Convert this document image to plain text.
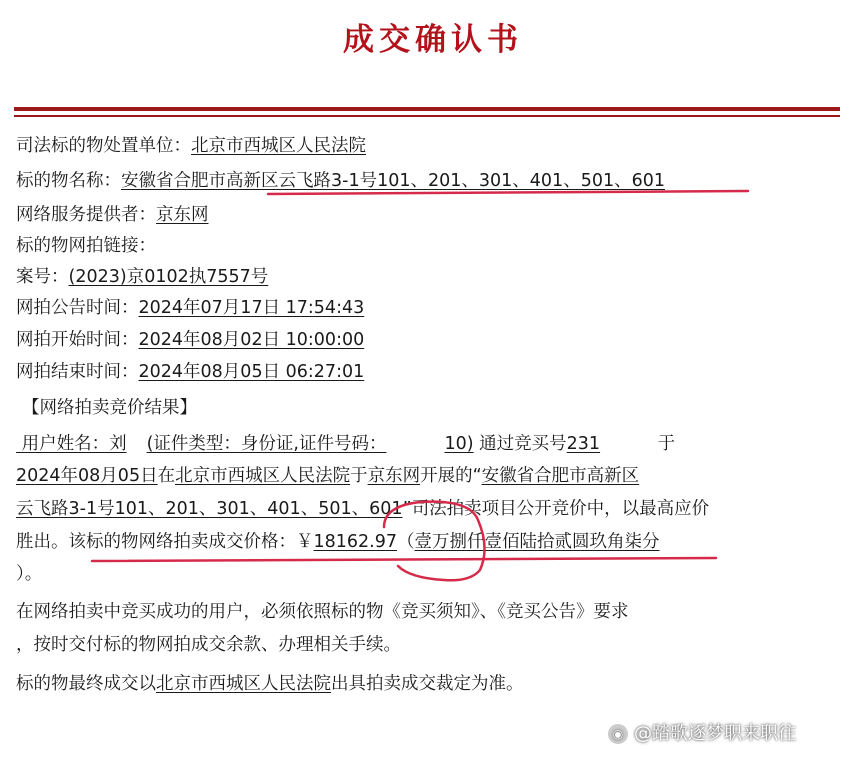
成交确认书
司法标的物处置单位：北京市西城区人民法院
标的物名称：安徽省合肥市高新区云飞路3-1号101、201、301、401、501、601
网络服务提供者：京东网
标的物网拍链接：
案号：(2023)京0102执7557号
网拍公告时间：2024年07月17日 17:54:43
网拍开始时间：2024年08月02日 10:00:00
网拍结束时间：2024年08月05日 06:27:01
【网络拍卖竞价结果】
用户姓名：刘 (证件类型：身份证,证件号码：	10) 通过竞买号231	于
2024年08月05日在北京市西城区人民法院于京东网开展的“安徽省合肥市高新区
云飞路3-1号101、201、301、401、501、601”司法拍卖项目公开竞价中，以最高应价
胜出。该标的物网络拍卖成交价格：￥18162.97（壹万捌仟壹佰陆拾贰圆玖角柒分
）。
在网络拍卖中竞买成功的用户，必须依照标的物《竞买须知》、《竞买公告》要求
，按时交付标的物网拍成交余款、办理相关手续。
标的物最终成交以北京市西城区人民法院出具拍卖成交裁定为准。
◉ @踏歌逐梦职来职往
